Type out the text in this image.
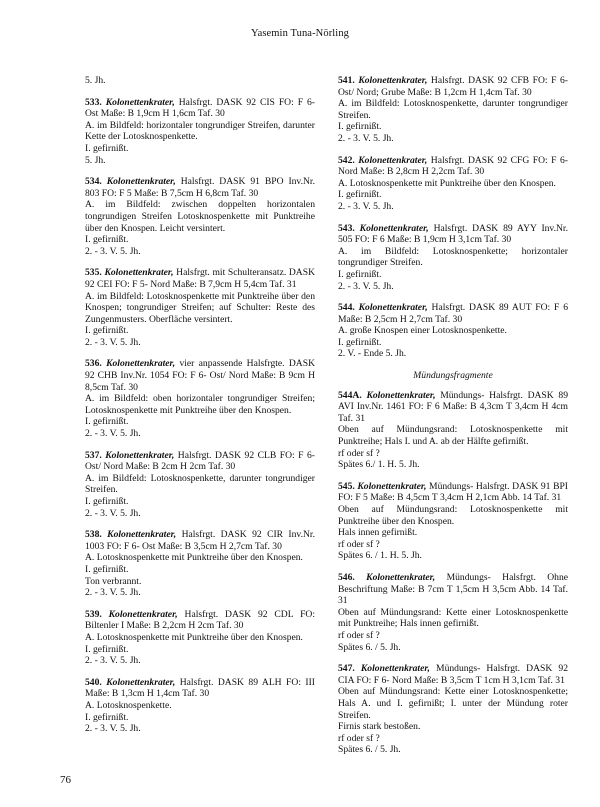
Yasemin Tuna-Nörling
5. Jh.
533. Kolonettenkrater, Halsfrgt. DASK 92 CIS FO: F 6- Ost Maße: B 1,9cm H 1,6cm Taf. 30
A. im Bildfeld: horizontaler tongrundiger Streifen, darunter Kette der Lotosknospenkette.
I. gefirnißt.
5. Jh.
534. Kolonettenkrater, Halsfrgt. DASK 91 BPO Inv.Nr. 803 FO: F 5 Maße: B 7,5cm H 6,8cm Taf. 30
A. im Bildfeld: zwischen doppelten horizontalen tongrundigen Streifen Lotosknospenkette mit Punktreihe über den Knospen. Leicht versintert.
I. gefirnißt.
2. - 3. V. 5. Jh.
535. Kolonettenkrater, Halsfrgt. mit Schulteransatz. DASK 92 CEI FO: F 5- Nord Maße: B 7,9cm H 5,4cm Taf. 31
A. im Bildfeld: Lotosknospenkette mit Punktreihe über den Knospen; tongrundiger Streifen; auf Schulter: Reste des Zungenmusters. Oberfläche versintert.
I. gefirnißt.
2. - 3. V. 5. Jh.
536. Kolonettenkrater, vier anpassende Halsfrgte. DASK 92 CHB Inv.Nr. 1054 FO: F 6- Ost/ Nord Maße: B 9cm H 8,5cm Taf. 30
A. im Bildfeld: oben horizontaler tongrundiger Streifen; Lotosknospenkette mit Punktreihe über den Knospen.
I. gefirnißt.
2. - 3. V. 5. Jh.
537. Kolonettenkrater, Halsfrgt. DASK 92 CLB FO: F 6- Ost/ Nord Maße: B 2cm H 2cm Taf. 30
A. im Bildfeld: Lotosknospenkette, darunter tongrundiger Streifen.
I. gefirnißt.
2. - 3. V. 5. Jh.
538. Kolonettenkrater, Halsfrgt. DASK 92 CIR Inv.Nr. 1003 FO: F 6- Ost Maße: B 3,5cm H 2,7cm Taf. 30
A. Lotosknospenkette mit Punktreihe über den Knospen.
I. gefirnißt.
Ton verbrannt.
2. - 3. V. 5. Jh.
539. Kolonettenkrater, Halsfrgt. DASK 92 CDL FO: Biltenler I Maße: B 2,2cm H 2cm Taf. 30
A. Lotosknospenkette mit Punktreihe über den Knospen.
I. gefirnißt.
2. - 3. V. 5. Jh.
540. Kolonettenkrater, Halsfrgt. DASK 89 ALH FO: III Maße: B 1,3cm H 1,4cm Taf. 30
A. Lotosknospenkette.
I. gefirnißt.
2. - 3. V. 5. Jh.
541. Kolonettenkrater, Halsfrgt. DASK 92 CFB FO: F 6- Ost/ Nord; Grube Maße: B 1,2cm H 1,4cm Taf. 30
A. im Bildfeld: Lotosknospenkette, darunter tongrundiger Streifen.
I. gefirnißt.
2. - 3. V. 5. Jh.
542. Kolonettenkrater, Halsfrgt. DASK 92 CFG FO: F 6- Nord Maße: B 2,8cm H 2,2cm Taf. 30
A. Lotosknospenkette mit Punktreihe über den Knospen.
I. gefirnißt.
2. - 3. V. 5. Jh.
543. Kolonettenkrater, Halsfrgt. DASK 89 AYY Inv.Nr. 505 FO: F 6 Maße: B 1,9cm H 3,1cm Taf. 30
A. im Bildfeld: Lotosknospenkette; horizontaler tongrundiger Streifen.
I. gefirnißt.
2. - 3. V. 5. Jh.
544. Kolonettenkrater, Halsfrgt. DASK 89 AUT FO: F 6 Maße: B 2,5cm H 2,7cm Taf. 30
A. große Knospen einer Lotosknospenkette.
I. gefirnißt.
2. V. - Ende 5. Jh.
Mündungsfragmente
544A. Kolonettenkrater, Mündungs- Halsfrgt. DASK 89 AVI Inv.Nr. 1461 FO: F 6 Maße: B 4,3cm T 3,4cm H 4cm Taf. 31
Oben auf Mündungsrand: Lotosknospenkette mit Punktreihe; Hals I. und A. ab der Hälfte gefirnißt.
rf oder sf ?
Spätes 6./ 1. H. 5. Jh.
545. Kolonettenkrater, Mündungs- Halsfrgt. DASK 91 BPI FO: F 5 Maße: B 4,5cm T 3,4cm H 2,1cm Abb. 14 Taf. 31
Oben auf Mündungsrand: Lotosknospenkette mit Punktreihe über den Knospen.
Hals innen gefirnißt.
rf oder sf ?
Spätes 6. / 1. H. 5. Jh.
546. Kolonettenkrater, Mündungs- Halsfrgt. Ohne Beschriftung Maße: B 7cm T 1,5cm H 3,5cm Abb. 14 Taf. 31
Oben auf Mündungsrand: Kette einer Lotosknospenkette mit Punktreihe; Hals innen gefirnißt.
rf oder sf ?
Spätes 6. / 5. Jh.
547. Kolonettenkrater, Mündungs- Halsfrgt. DASK 92 CIA FO: F 6- Nord Maße: B 3,5cm T 1cm H 3,1cm Taf. 31
Oben auf Mündungsrand: Kette einer Lotosknospenkette; Hals A. und I. gefirnißt; I. unter der Mündung roter Streifen.
Firnis stark bestoßen.
rf oder sf ?
Spätes 6. / 5. Jh.
76
